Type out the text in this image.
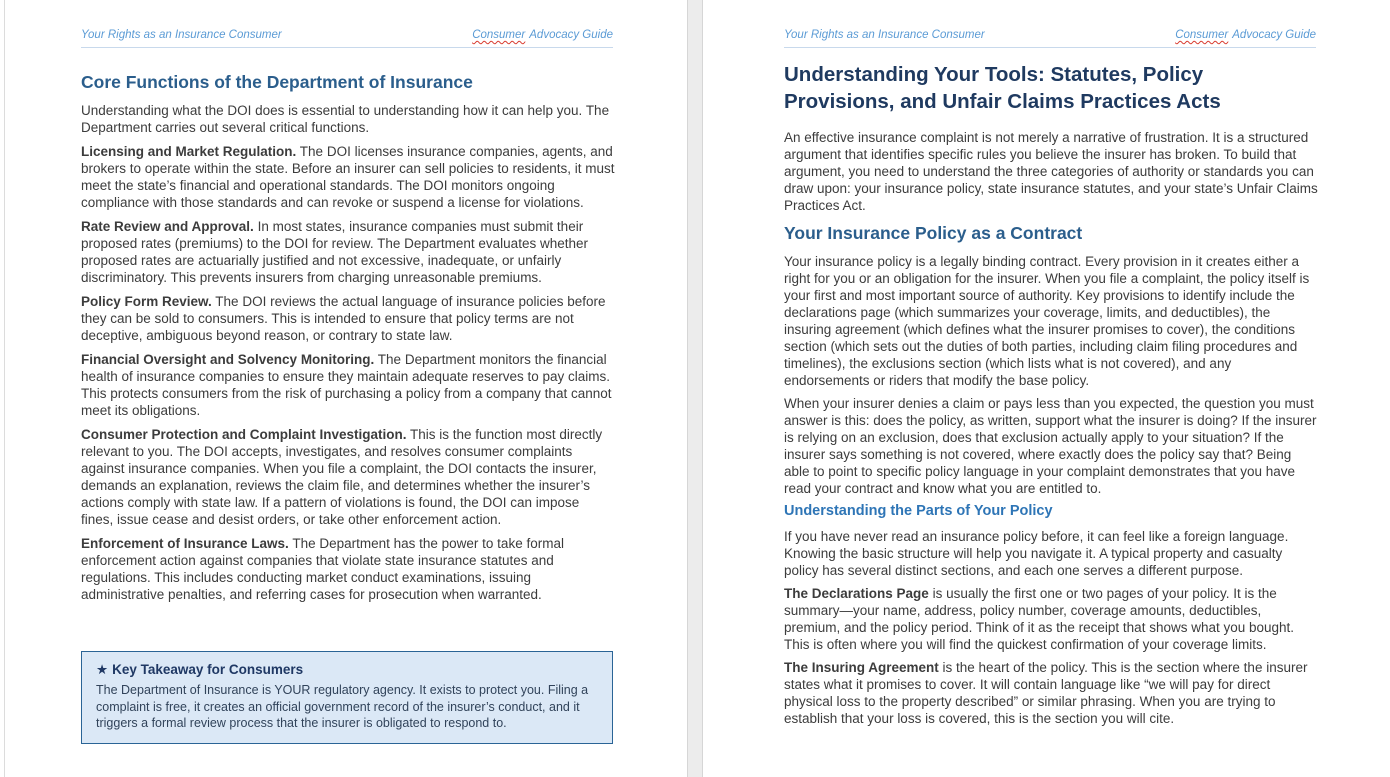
Your Rights as an Insurance Consumer	Consumer Advocacy Guide
Core Functions of the Department of Insurance

Understanding what the DOI does is essential to understanding how it can help you. The Department carries out several critical functions.

Licensing and Market Regulation. The DOI licenses insurance companies, agents, and brokers to operate within the state. Before an insurer can sell policies to residents, it must meet the state’s financial and operational standards. The DOI monitors ongoing compliance with those standards and can revoke or suspend a license for violations.

Rate Review and Approval. In most states, insurance companies must submit their proposed rates (premiums) to the DOI for review. The Department evaluates whether proposed rates are actuarially justified and not excessive, inadequate, or unfairly discriminatory. This prevents insurers from charging unreasonable premiums.

Policy Form Review. The DOI reviews the actual language of insurance policies before they can be sold to consumers. This is intended to ensure that policy terms are not deceptive, ambiguous beyond reason, or contrary to state law.

Financial Oversight and Solvency Monitoring. The Department monitors the financial health of insurance companies to ensure they maintain adequate reserves to pay claims. This protects consumers from the risk of purchasing a policy from a company that cannot meet its obligations.

Consumer Protection and Complaint Investigation. This is the function most directly relevant to you. The DOI accepts, investigates, and resolves consumer complaints against insurance companies. When you file a complaint, the DOI contacts the insurer, demands an explanation, reviews the claim file, and determines whether the insurer’s actions comply with state law. If a pattern of violations is found, the DOI can impose fines, issue cease and desist orders, or take other enforcement action.

Enforcement of Insurance Laws. The Department has the power to take formal enforcement action against companies that violate state insurance statutes and regulations. This includes conducting market conduct examinations, issuing administrative penalties, and referring cases for prosecution when warranted.

★ Key Takeaway for Consumers
The Department of Insurance is YOUR regulatory agency. It exists to protect you. Filing a complaint is free, it creates an official government record of the insurer’s conduct, and it triggers a formal review process that the insurer is obligated to respond to.
Your Rights as an Insurance Consumer	Consumer Advocacy Guide
Understanding Your Tools: Statutes, Policy Provisions, and Unfair Claims Practices Acts

An effective insurance complaint is not merely a narrative of frustration. It is a structured argument that identifies specific rules you believe the insurer has broken. To build that argument, you need to understand the three categories of authority or standards you can draw upon: your insurance policy, state insurance statutes, and your state’s Unfair Claims Practices Act.

Your Insurance Policy as a Contract

Your insurance policy is a legally binding contract. Every provision in it creates either a right for you or an obligation for the insurer. When you file a complaint, the policy itself is your first and most important source of authority. Key provisions to identify include the declarations page (which summarizes your coverage, limits, and deductibles), the insuring agreement (which defines what the insurer promises to cover), the conditions section (which sets out the duties of both parties, including claim filing procedures and timelines), the exclusions section (which lists what is not covered), and any endorsements or riders that modify the base policy.

When your insurer denies a claim or pays less than you expected, the question you must answer is this: does the policy, as written, support what the insurer is doing? If the insurer is relying on an exclusion, does that exclusion actually apply to your situation? If the insurer says something is not covered, where exactly does the policy say that? Being able to point to specific policy language in your complaint demonstrates that you have read your contract and know what you are entitled to.

Understanding the Parts of Your Policy

If you have never read an insurance policy before, it can feel like a foreign language. Knowing the basic structure will help you navigate it. A typical property and casualty policy has several distinct sections, and each one serves a different purpose.

The Declarations Page is usually the first one or two pages of your policy. It is the summary—your name, address, policy number, coverage amounts, deductibles, premium, and the policy period. Think of it as the receipt that shows what you bought. This is often where you will find the quickest confirmation of your coverage limits.

The Insuring Agreement is the heart of the policy. This is the section where the insurer states what it promises to cover. It will contain language like “we will pay for direct physical loss to the property described” or similar phrasing. When you are trying to establish that your loss is covered, this is the section you will cite.
